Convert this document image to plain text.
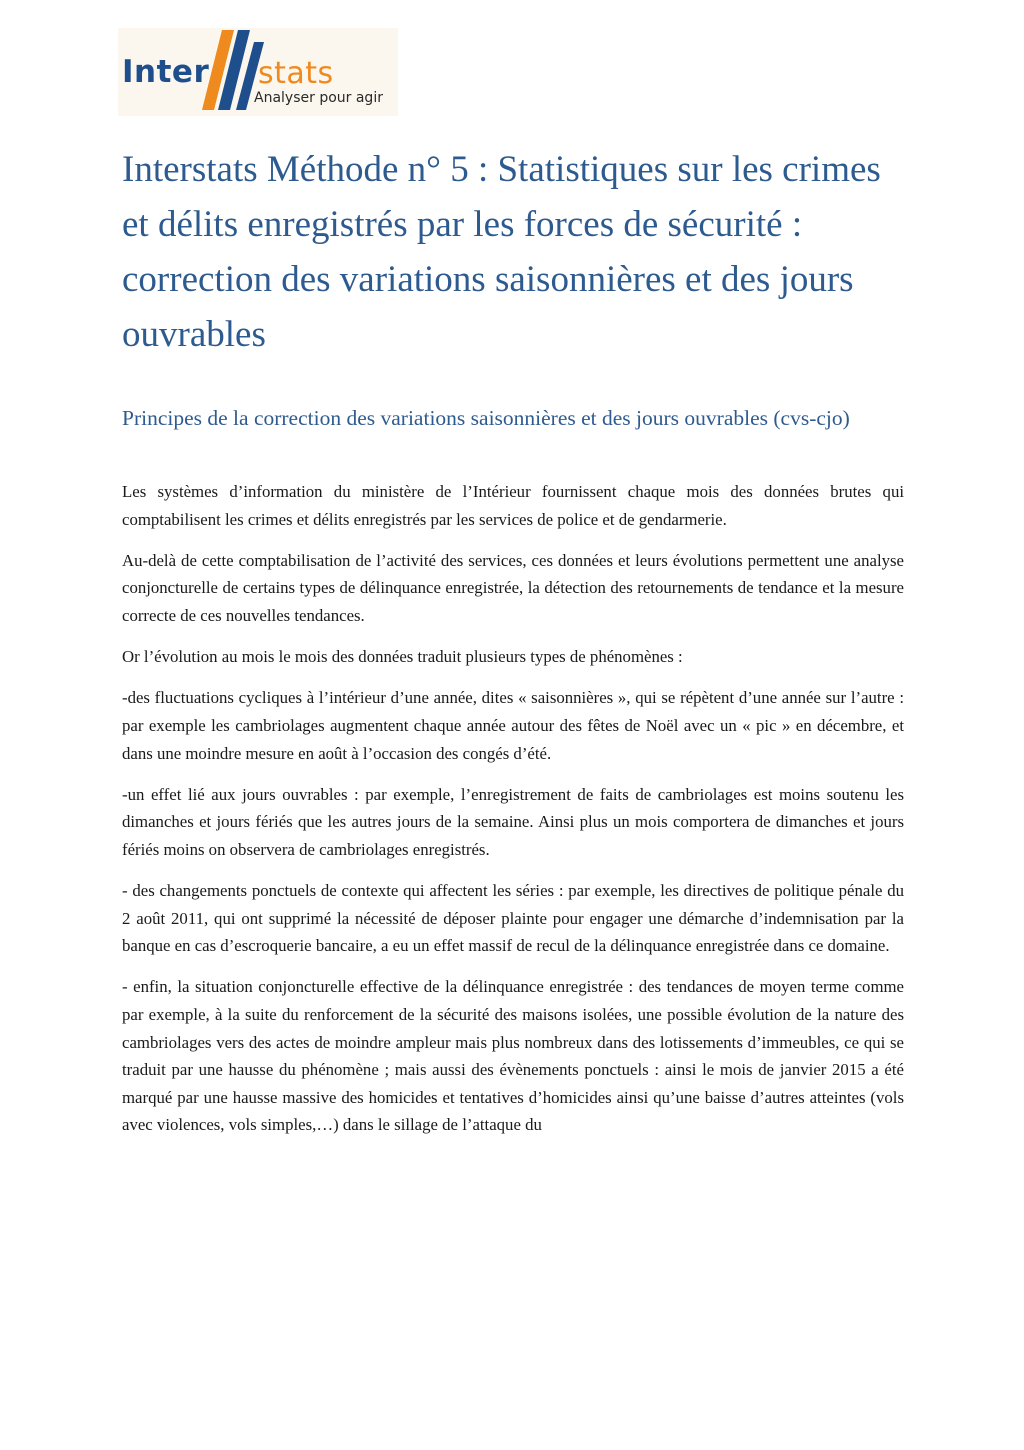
Inter stats
Analyser pour agir
Interstats Méthode n° 5 : Statistiques sur les crimes et délits enregistrés par les forces de sécurité : correction des variations saisonnières et des jours ouvrables
Principes de la correction des variations saisonnières et des jours ouvrables (cvs-cjo)

Les systèmes d’information du ministère de l’Intérieur fournissent chaque mois des données brutes qui comptabilisent les crimes et délits enregistrés par les services de police et de gendarmerie.

Au-delà de cette comptabilisation de l’activité des services, ces données et leurs évolutions permettent une analyse conjoncturelle de certains types de délinquance enregistrée, la détection des retournements de tendance et la mesure correcte de ces nouvelles tendances.

Or l’évolution au mois le mois des données traduit plusieurs types de phénomènes :

-des fluctuations cycliques à l’intérieur d’une année, dites « saisonnières », qui se répètent d’une année sur l’autre : par exemple les cambriolages augmentent chaque année autour des fêtes de Noël avec un « pic » en décembre, et dans une moindre mesure en août à l’occasion des congés d’été.

-un effet lié aux jours ouvrables : par exemple, l’enregistrement de faits de cambriolages est moins soutenu les dimanches et jours fériés que les autres jours de la semaine. Ainsi plus un mois comportera de dimanches et jours fériés moins on observera de cambriolages enregistrés.

- des changements ponctuels de contexte qui affectent les séries : par exemple, les directives de politique pénale du 2 août 2011, qui ont supprimé la nécessité de déposer plainte pour engager une démarche d’indemnisation par la banque en cas d’escroquerie bancaire, a eu un effet massif de recul de la délinquance enregistrée dans ce domaine.

- enfin, la situation conjoncturelle effective de la délinquance enregistrée : des tendances de moyen terme comme par exemple, à la suite du renforcement de la sécurité des maisons isolées, une possible évolution de la nature des cambriolages vers des actes de moindre ampleur mais plus nombreux dans des lotissements d’immeubles, ce qui se traduit par une hausse du phénomène ; mais aussi des évènements ponctuels : ainsi le mois de janvier 2015 a été marqué par une hausse massive des homicides et tentatives d’homicides ainsi qu’une baisse d’autres atteintes (vols avec violences, vols simples,…) dans le sillage de l’attaque du
